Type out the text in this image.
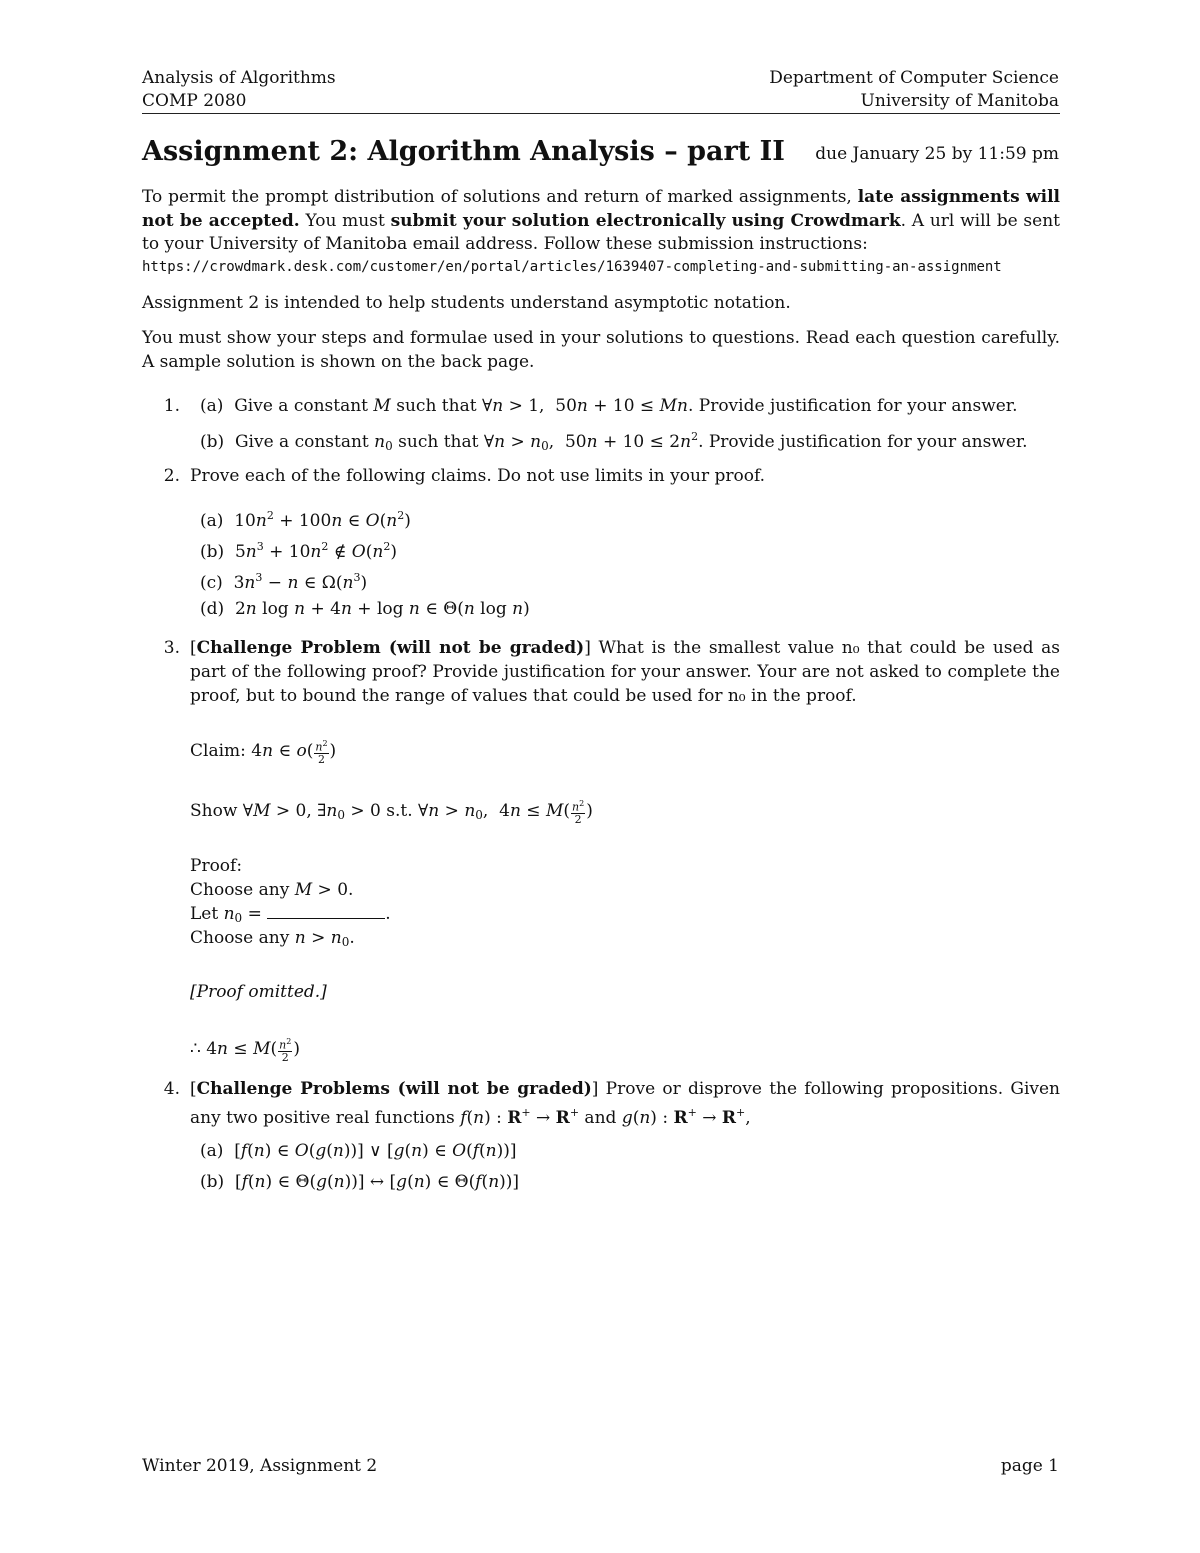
Analysis of Algorithms
COMP 2080
Department of Computer Science
University of Manitoba
Assignment 2: Algorithm Analysis – part II due January 25 by 11:59 pm
To permit the prompt distribution of solutions and return of marked assignments, late assignments will not be accepted. You must submit your solution electronically using Crowdmark. A url will be sent to your University of Manitoba email address. Follow these submission instructions:
https://crowdmark.desk.com/customer/en/portal/articles/1639407-completing-and-submitting-an-assignment
Assignment 2 is intended to help students understand asymptotic notation.
You must show your steps and formulae used in your solutions to questions. Read each question carefully. A sample solution is shown on the back page.
1. (a)  Give a constant M such that ∀n > 1,  50n + 10 ≤ Mn. Provide justification for your answer.
(b)  Give a constant $n_0$ such that ∀n > $n_0$,  $50n + 10 \le 2n^2$. Provide justification for your answer.
2. Prove each of the following claims. Do not use limits in your proof.
(a)  $10n^2 + 100n$ ∈ $O(n^2)$
(b)  $5n^3 + 10n^2$ ∉ $O(n^2)$
(c)  $3n^3 - n$ ∈ $\Omega(n^3)$
(d)  2n log n + 4n + log n ∈ Θ(n log n)
3. [Challenge Problem (will not be graded)] What is the smallest value n₀ that could be used as part of the following proof? Provide justification for your answer. Your are not asked to complete the proof, but to bound the range of values that could be used for n₀ in the proof.
Claim: 4n ∈ $o( \frac{n^2}{2}$ )
Show ∀M > 0, $\exists n_0 > 0$ s.t. ∀n > $n_0$,  $4n \le M( \frac{n^2}{2}$ )
Proof:
Choose any M > 0.
Let $n_0$ =	.
Choose any $n > n_0$.
[Proof omitted.]
∴ $4n \le M( \frac{n^2}{2}$ )
4. [Challenge Problems (will not be graded)] Prove or disprove the following propositions. Given any two positive real functions f(n) : R+ → R+ and g(n) : R+ → R+,
(a)  [f(n) ∈ O(g(n))] ∨ [g(n) ∈ O(f(n))]
(b)  [f(n) ∈ Θ(g(n))] ↔ [g(n) ∈ Θ(f(n))]
Winter 2019, Assignment 2	page 1
